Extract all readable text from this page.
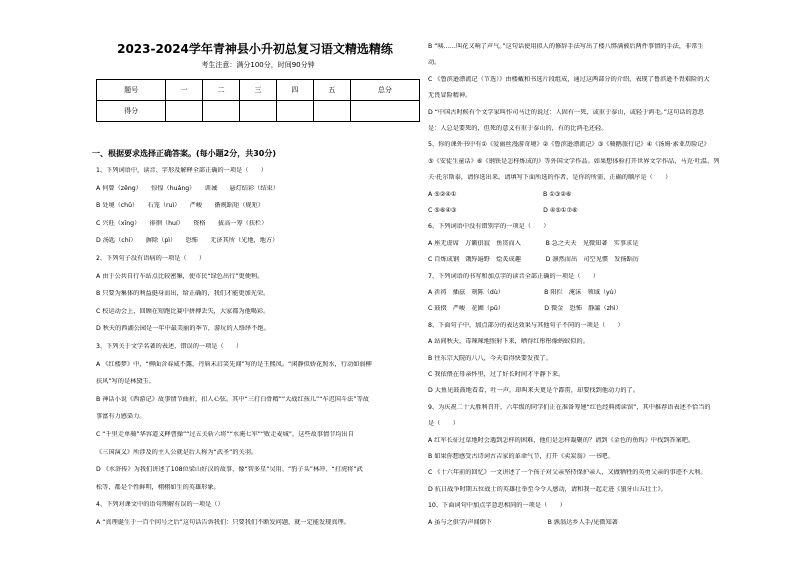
2023-2024学年青神县小升初总复习语文精选精练
考生注意：满分100分，时间90分钟
题号	一	二	三	四	五	总分
得分						
一、根据要求选择正确答案。(每小题2分，共30分)
1、下列词语中，读音、字形及解释全部正确的一项是（　　）
A 何曾（zēng）　　惊惶（huáng）　　训诫　　悬灯结彩（结束）
B 处境（chǔ）　　石笼（ruì）　　严峻　　循规蹈矩（规矩）
C 兴旺（xīng）　　徘徊（huí）　　资格　　拔高一筹（扶栏）
D 汤匙（chí）　　摒除（pì）　　恐怖　　无济其所（光地，地方）
2、下列句子没有语病的一项是（　　）
A 由于公共自行车站点比较密集，使市民“绿色出行”更便利。
B 只要为集体的利益挺身而出，给正确的，我们才能更加光荣。
C 校运动会上，回顾在短跑比赛中拼搏丢失，大家都为他喝彩。
D 秋天的西湖公园是一年中最美丽的季节，游玩的人络绎不绝。
3、下列关于文学名著的表述，错误的一项是（　　）
A 《红楼梦》中，“柳面含春威不露，丹唇未启笑先闻”写的是王熙凤。“闲静似娇花照水，行动如弱柳
扶风”写的是林黛玉。
B 神话小说《西游记》故事情节曲折，扣人心弦。其中“三打白骨精”“大战红孩儿”“车迟国斗法”等故
事富有力感染力。
C “千里走单骑”华容道义释曹操”“过五关斩六将”“水淹七军”“败走麦城”，这些故事情节均出自
《三国演义》所涉及的主人公就是后人称为“武圣”的关羽。
D 《水浒传》为我们讲述了108位梁山好汉的故事，像“智多星”吴用、“豹子头”林冲、“打虎将”武
松等，都是个性鲜明，栩栩如生的英雄形象。
4、下列对课文中的语句理解有误的一项是（）
A “真理诞生于一百个问号之后”这句话告诉我们：只要我们不断发问题，就一定能发现真理。
B “咦……叫花又响了声气。”这句话使用拟人的修辞手法写出了楼八绑满被后两件事情的手法，非常生
动。
C 《鲁滨逊漂流记（节选）》由楼戴和书选片段组成，通过这两部分的介绍，表现了鲁滨逊不畏艰险的大
无畏冒险精神。
D “中国古时候有个文学家叫作司马迁的说过：人固有一死，或重于泰山，或轻于鸿毛。”这句话的意思
是：人总是要死的，但死的意义有重于泰山的，有的比鸿毛还轻。
5、你的课外书中有①《爱丽丝漫游奇境》②《鲁滨逊漂流记》③《骑鹅旅行记》④《汤姆·索亚历险记》
⑤《安徒生童话》⑥《钢铁是怎样炼成的》等外国文学作品。如果想体验打开世界文学作品，马克·吐温、列
夫·托尔斯泰，请你选出来。请填写下面所选的作者，是你的所需，正确的顺序是（　　）
A ⑤②④①　　　　　　　　　　　　　　B ①③②⑥
C ⑤⑥④③　　　　　　　　　　　　　　D ④⑤①⑦⑥
6、下列词语中没有错别字的一项是（　　）
A 座无虚席　万籁俱寂　鱼贯而入　　　　B 急之天天　见微知著　实事求是
C 百炼成钢　饿殍遍野　烩炙成趣　　　　D 凛然而出　司空见惯　发扬蹈厉
7、下列词语的书写和加点字的读音全部正确的一项是（　　）
A 祈祷　插兹　刻陈（dù）　　　　　　　B 阳拦　淹沫　领域（yù）
C 鼓掇　严峻　花圃（pǔ）　　　　　　　D 微金　恐怖　静謐（zhì）
8、下面句子中，加点部分的表达效果与其他句子不同的一项是（　　）
A 站间秋天，毒辣辣地照射下来，晒得红彤彤像蚂蚁似的。
B 往东宗大院的八八，今天看得快要发夜了。
C 我依偎在母亲怀里，过了好长时间才平静下来。
D 大鱼见鼓鼓地看看，吐一声，却叫来天更是个霹雳，却要找到他动力的了。
9、为庆祝二十大胜利召开，六年级的同学们正在准备筹建“红色经典阅读馆”，其中推荐语表述不恰当的
是（　　）
A 红军长征过草地时会遇到怎样的困难，他们是怎样凝聚的？请到《金色的鱼钩》中找到答案吧。
B 如果你想感受古诗词古吉家的革命气节，打开《卖炭翁》一书吧。
C 《十六年前的回忆》一文讲述了一个孩子对父亲坚持保护亲人，又做牺牲的英勇父亲的事迹不大利。
D 抗日战争时期五位战士的英雄壮举至今令人感动，请和我一起走进《狼牙山五壮士》。
10、下面词句中加点字意思相同的一项是（　　）
A 虽与之俱学/声闻倒下　　　　　　　　　B 孰翁达乡人手/见微知著
